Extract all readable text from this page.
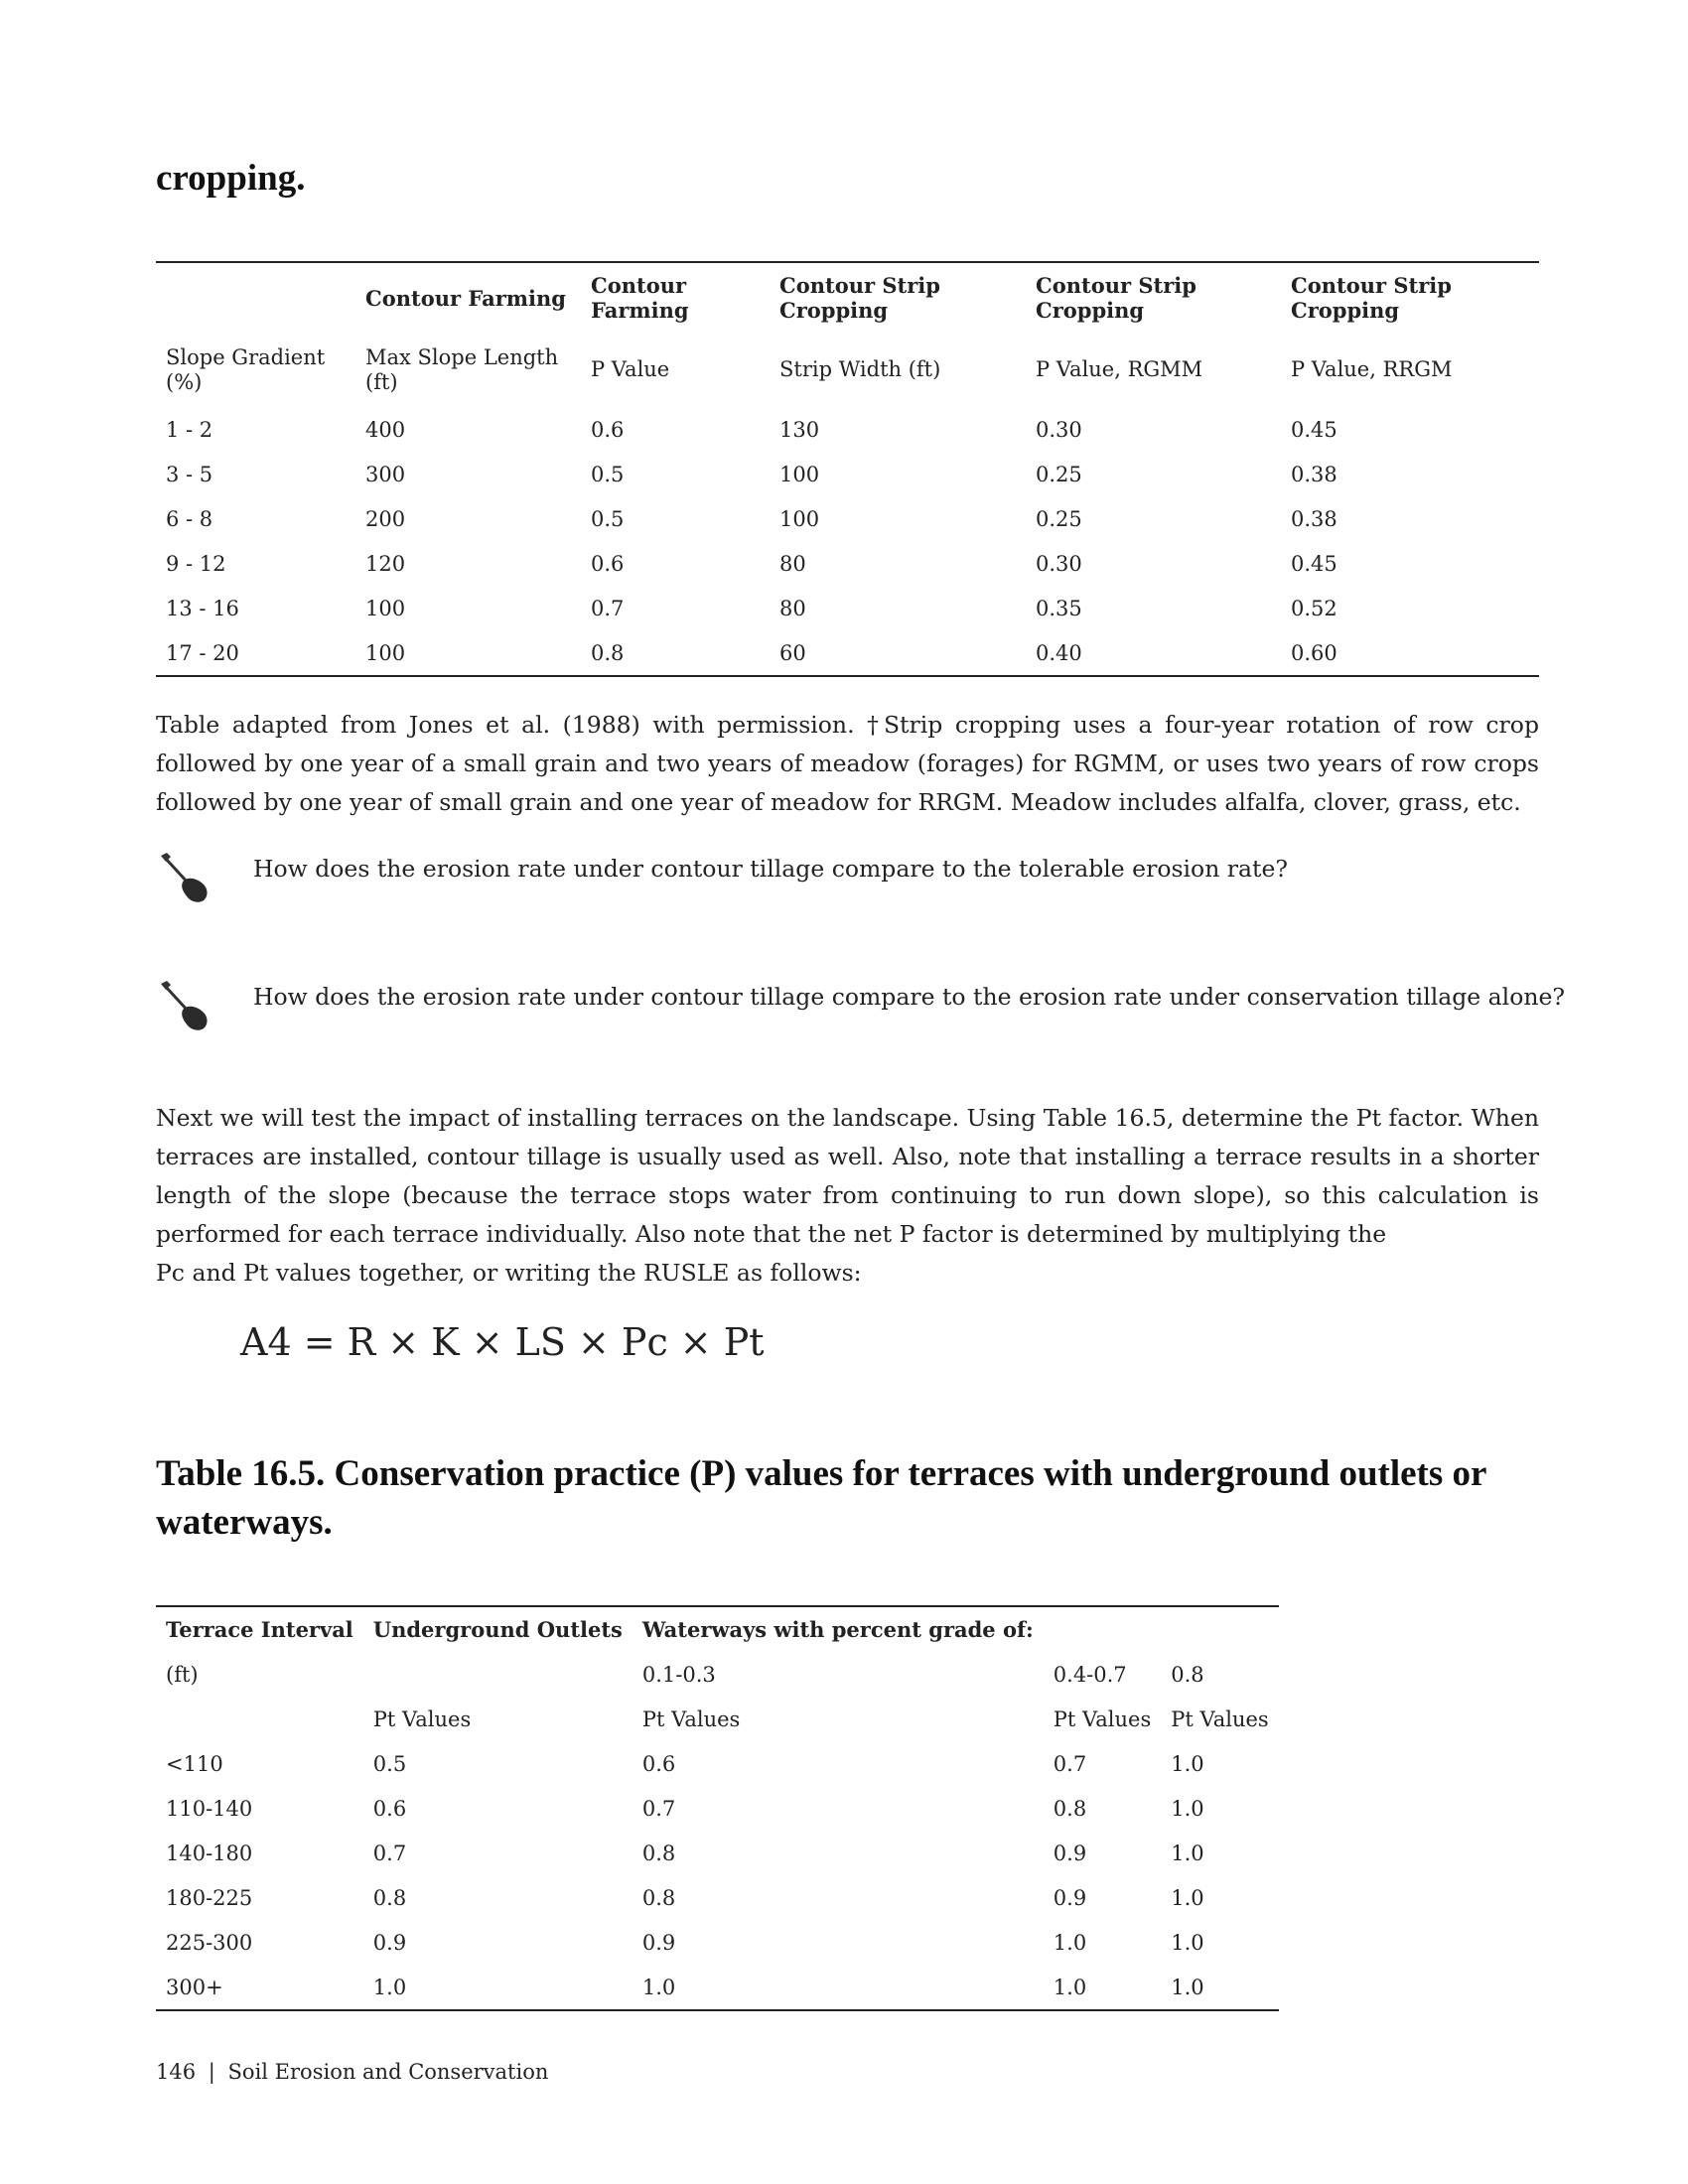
cropping.
	Contour Farming	Contour Farming	Contour Strip Cropping	Contour Strip Cropping	Contour Strip Cropping
Slope Gradient (%)	Max Slope Length (ft)	P Value	Strip Width (ft)	P Value, RGMM	P Value, RRGM
1 - 2	400	0.6	130	0.30	0.45
3 - 5	300	0.5	100	0.25	0.38
6 - 8	200	0.5	100	0.25	0.38
9 - 12	120	0.6	80	0.30	0.45
13 - 16	100	0.7	80	0.35	0.52
17 - 20	100	0.8	60	0.40	0.60

Table adapted from Jones et al. (1988) with permission. †Strip cropping uses a four-year rotation of row crop followed by one year of a small grain and two years of meadow (forages) for RGMM, or uses two years of row crops followed by one year of small grain and one year of meadow for RRGM. Meadow includes alfalfa, clover, grass, etc.

How does the erosion rate under contour tillage compare to the tolerable erosion rate?
How does the erosion rate under contour tillage compare to the erosion rate under conservation tillage alone?

Next we will test the impact of installing terraces on the landscape. Using Table 16.5, determine the Pt factor. When terraces are installed, contour tillage is usually used as well. Also, note that installing a terrace results in a shorter length of the slope (because the terrace stops water from continuing to run down slope), so this calculation is performed for each terrace individually. Also note that the net P factor is determined by multiplying the
Pc and Pt values together, or writing the RUSLE as follows:

A4 = R × K × LS × Pc × Pt
Table 16.5. Conservation practice (P) values for terraces with underground outlets or waterways.
Terrace Interval	Underground Outlets	Waterways with percent grade of:		
(ft)		0.1-0.3	0.4-0.7	0.8
	Pt Values	Pt Values	Pt Values	Pt Values
<110	0.5	0.6	0.7	1.0
110-140	0.6	0.7	0.8	1.0
140-180	0.7	0.8	0.9	1.0
180-225	0.8	0.8	0.9	1.0
225-300	0.9	0.9	1.0	1.0
300+	1.0	1.0	1.0	1.0
146 | Soil Erosion and Conservation
